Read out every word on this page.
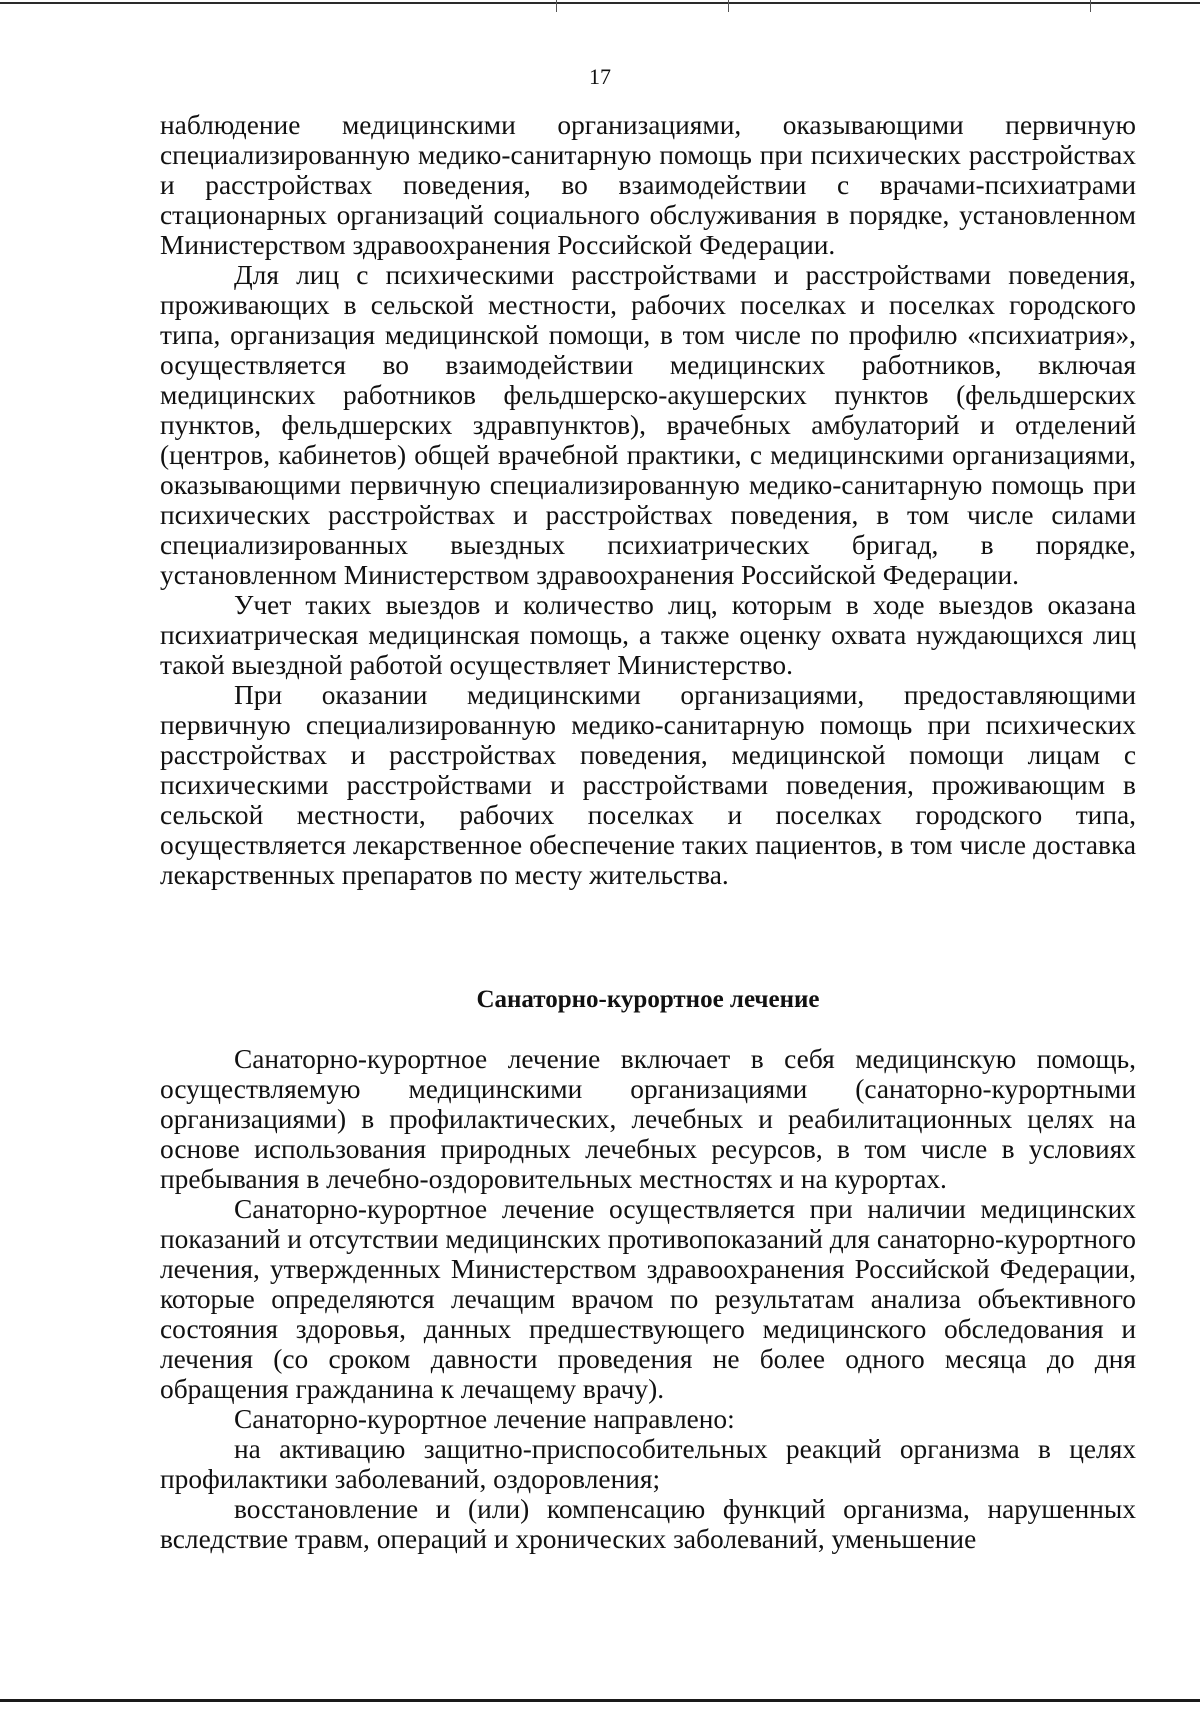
17

наблюдение медицинскими организациями, оказывающими первичную специализированную медико-санитарную помощь при психических расстройствах и расстройствах поведения, во взаимодействии с врачами-психиатрами стационарных организаций социального обслуживания в порядке, установленном Министерством здравоохранения Российской Федерации.

Для лиц с психическими расстройствами и расстройствами поведения, проживающих в сельской местности, рабочих поселках и поселках городского типа, организация медицинской помощи, в том числе по профилю «психиатрия», осуществляется во взаимодействии медицинских работников, включая медицинских работников фельдшерско-акушерских пунктов (фельдшерских пунктов, фельдшерских здравпунктов), врачебных амбулаторий и отделений (центров, кабинетов) общей врачебной практики, с медицинскими организациями, оказывающими первичную специализированную медико-санитарную помощь при психических расстройствах и расстройствах поведения, в том числе силами специализированных выездных психиатрических бригад, в порядке, установленном Министерством здравоохранения Российской Федерации.

Учет таких выездов и количество лиц, которым в ходе выездов оказана психиатрическая медицинская помощь, а также оценку охвата нуждающихся лиц такой выездной работой осуществляет Министерство.

При оказании медицинскими организациями, предоставляющими первичную специализированную медико-санитарную помощь при психических расстройствах и расстройствах поведения, медицинской помощи лицам с психическими расстройствами и расстройствами поведения, проживающим в сельской местности, рабочих поселках и поселках городского типа, осуществляется лекарственное обеспечение таких пациентов, в том числе доставка лекарственных препаратов по месту жительства.

Санаторно-курортное лечение

Санаторно-курортное лечение включает в себя медицинскую помощь, осуществляемую медицинскими организациями (санаторно-курортными организациями) в профилактических, лечебных и реабилитационных целях на основе использования природных лечебных ресурсов, в том числе в условиях пребывания в лечебно-оздоровительных местностях и на курортах.

Санаторно-курортное лечение осуществляется при наличии медицинских показаний и отсутствии медицинских противопоказаний для санаторно-курортного лечения, утвержденных Министерством здравоохранения Российской Федерации, которые определяются лечащим врачом по результатам анализа объективного состояния здоровья, данных предшествующего медицинского обследования и лечения (со сроком давности проведения не более одного месяца до дня обращения гражданина к лечащему врачу).

Санаторно-курортное лечение направлено:

на активацию защитно-приспособительных реакций организма в целях профилактики заболеваний, оздоровления;

восстановление и (или) компенсацию функций организма, нарушенных вследствие травм, операций и хронических заболеваний, уменьшение
